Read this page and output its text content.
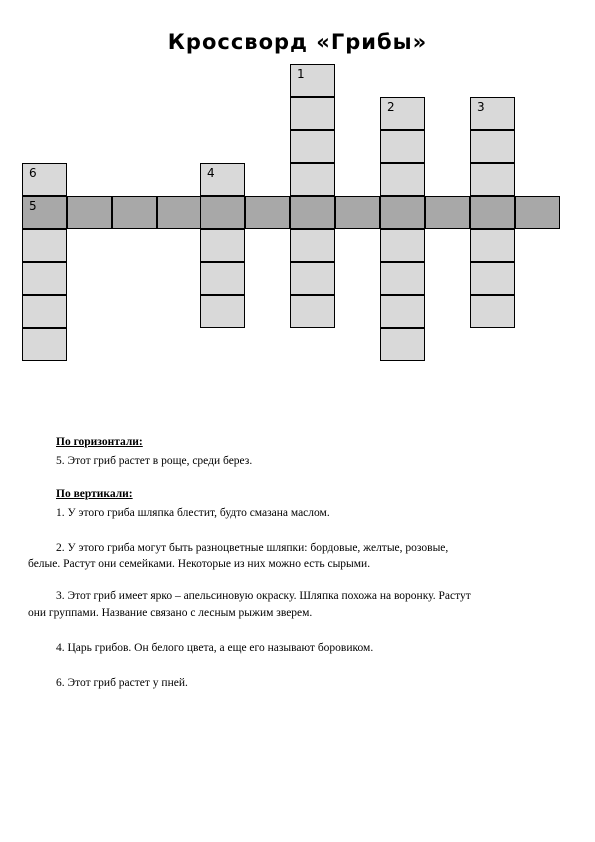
Кроссворд «Грибы»
1
2	3
4
6
5
По горизонтали:
5. Этот гриб растет в роще, среди берез.
По вертикали:
1. У этого гриба шляпка блестит, будто смазана маслом.
2. У этого гриба могут быть разноцветные шляпки: бордовые, желтые, розовые,
белые. Растут они семейками. Некоторые из них можно есть сырыми.
3. Этот гриб имеет ярко – апельсиновую окраску. Шляпка похожа на воронку. Растут
они группами. Название связано с лесным рыжим зверем.
4. Царь грибов. Он белого цвета, а еще его называют боровиком.
6. Этот гриб растет у пней.
